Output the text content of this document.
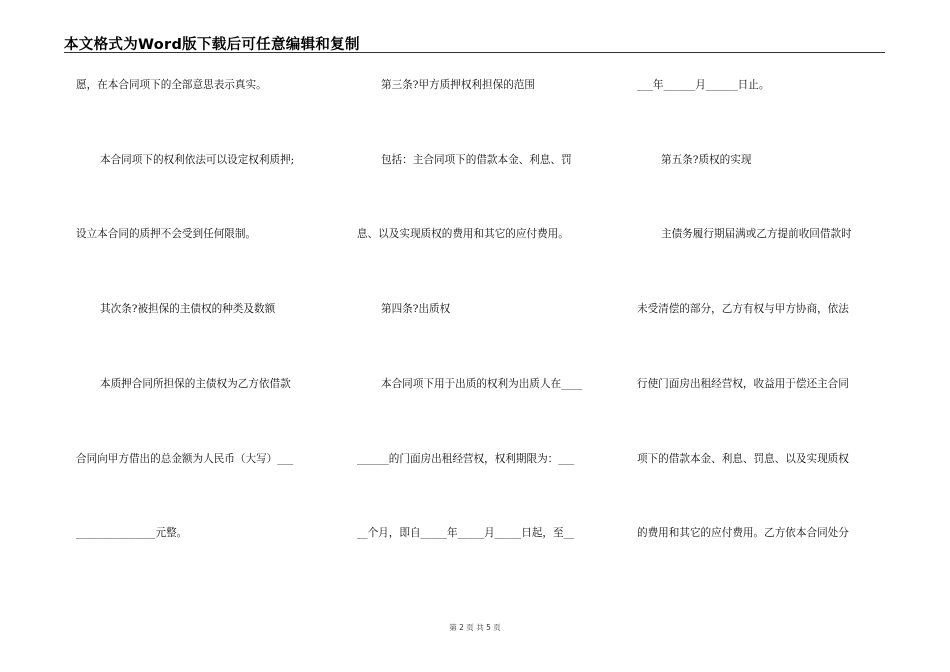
本文格式为Word版下载后可任意编辑和复制
愿，在本合同项下的全部意思表示真实。
本合同项下的权利依法可以设定权利质押;
设立本合同的质押不会受到任何限制。
其次条?被担保的主债权的种类及数额
本质押合同所担保的主债权为乙方依借款
合同向甲方借出的总金额为人民币（大写）___
_______________元整。
第三条?甲方质押权利担保的范围
包括：主合同项下的借款本金、利息、罚
息、以及实现质权的费用和其它的应付费用。
第四条?出质权
本合同项下用于出质的权利为出质人在____
______的门面房出租经营权，权利期限为：___
__个月，即自_____年_____月_____日起，至__
___年______月______日止。
第五条?质权的实现
主债务履行期届满或乙方提前收回借款时
未受清偿的部分，乙方有权与甲方协商，依法
行使门面房出租经营权，收益用于偿还主合同
项下的借款本金、利息、罚息、以及实现质权
的费用和其它的应付费用。乙方依本合同处分
第 2 页 共 5 页
